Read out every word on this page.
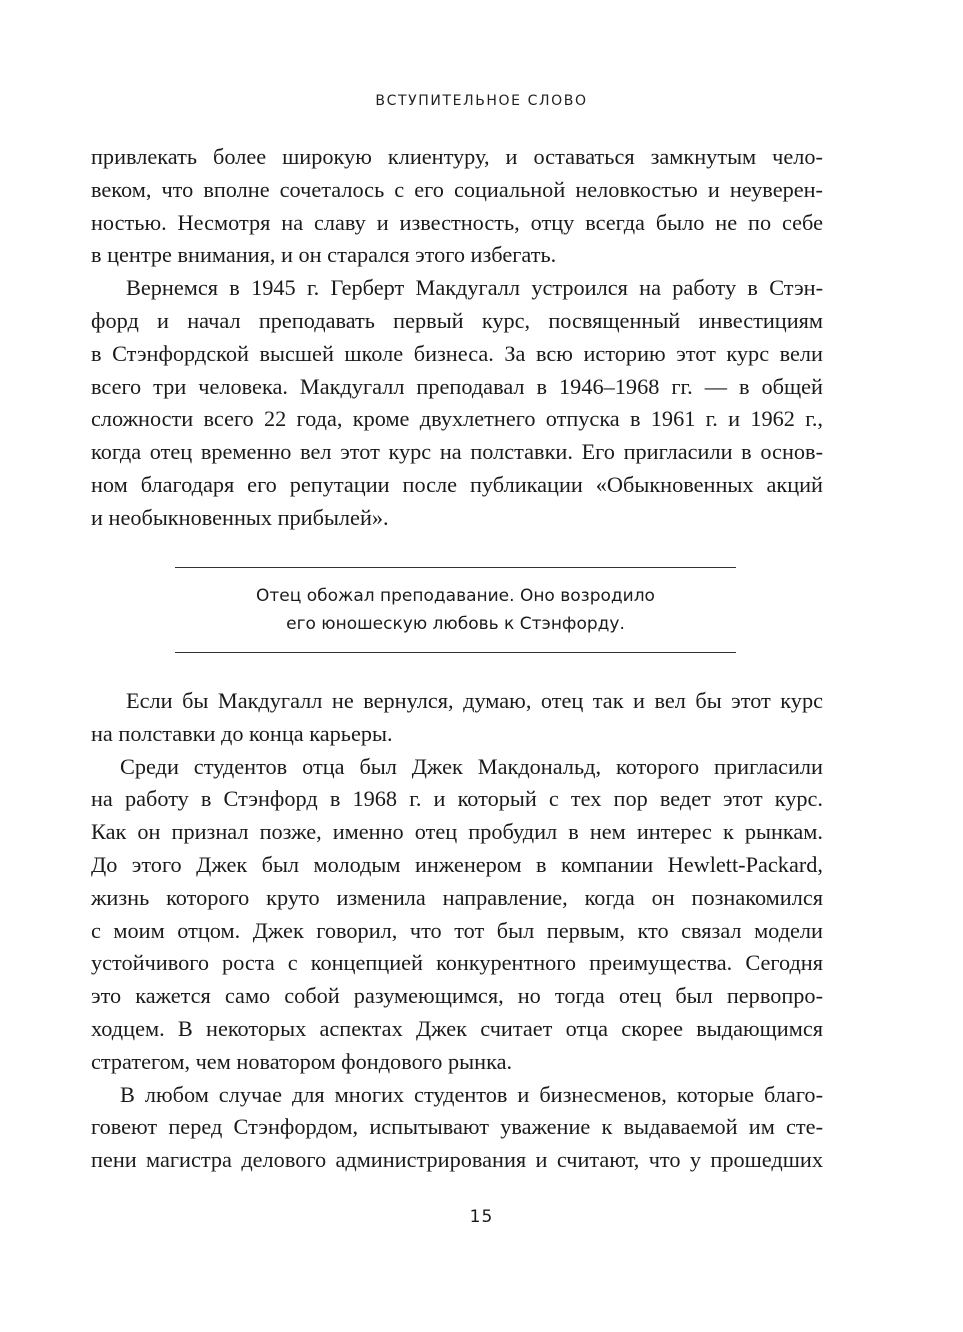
ВСТУПИТЕЛЬНОЕ СЛОВО

привлекать более широкую клиентуру, и оставаться замкнутым чело-
веком, что вполне сочеталось с его социальной неловкостью и неуверен-
ностью. Несмотря на славу и известность, отцу всегда было не по себе
в центре внимания, и он старался этого избегать.

Вернемся в 1945 г. Герберт Макдугалл устроился на работу в Стэн-
форд и начал преподавать первый курс, посвященный инвестициям
в Стэнфордской высшей школе бизнеса. За всю историю этот курс вели
всего три человека. Макдугалл преподавал в 1946–1968 гг. — в общей
сложности всего 22 года, кроме двухлетнего отпуска в 1961 г. и 1962 г.,
когда отец временно вел этот курс на полставки. Его пригласили в основ-
ном благодаря его репутации после публикации «Обыкновенных акций
и необыкновенных прибылей».

Отец обожал преподавание. Оно возродило
его юношескую любовь к Стэнфорду.

Если бы Макдугалл не вернулся, думаю, отец так и вел бы этот курс
на полставки до конца карьеры.

Среди студентов отца был Джек Макдональд, которого пригласили
на работу в Стэнфорд в 1968 г. и который с тех пор ведет этот курс.
Как он признал позже, именно отец пробудил в нем интерес к рынкам.
До этого Джек был молодым инженером в компании Hewlett-Packard,
жизнь которого круто изменила направление, когда он познакомился
с моим отцом. Джек говорил, что тот был первым, кто связал модели
устойчивого роста с концепцией конкурентного преимущества. Сегодня
это кажется само собой разумеющимся, но тогда отец был первопро-
ходцем. В некоторых аспектах Джек считает отца скорее выдающимся
стратегом, чем новатором фондового рынка.

В любом случае для многих студентов и бизнесменов, которые благо-
говеют перед Стэнфордом, испытывают уважение к выдаваемой им сте-
пени магистра делового администрирования и считают, что у прошедших

15
